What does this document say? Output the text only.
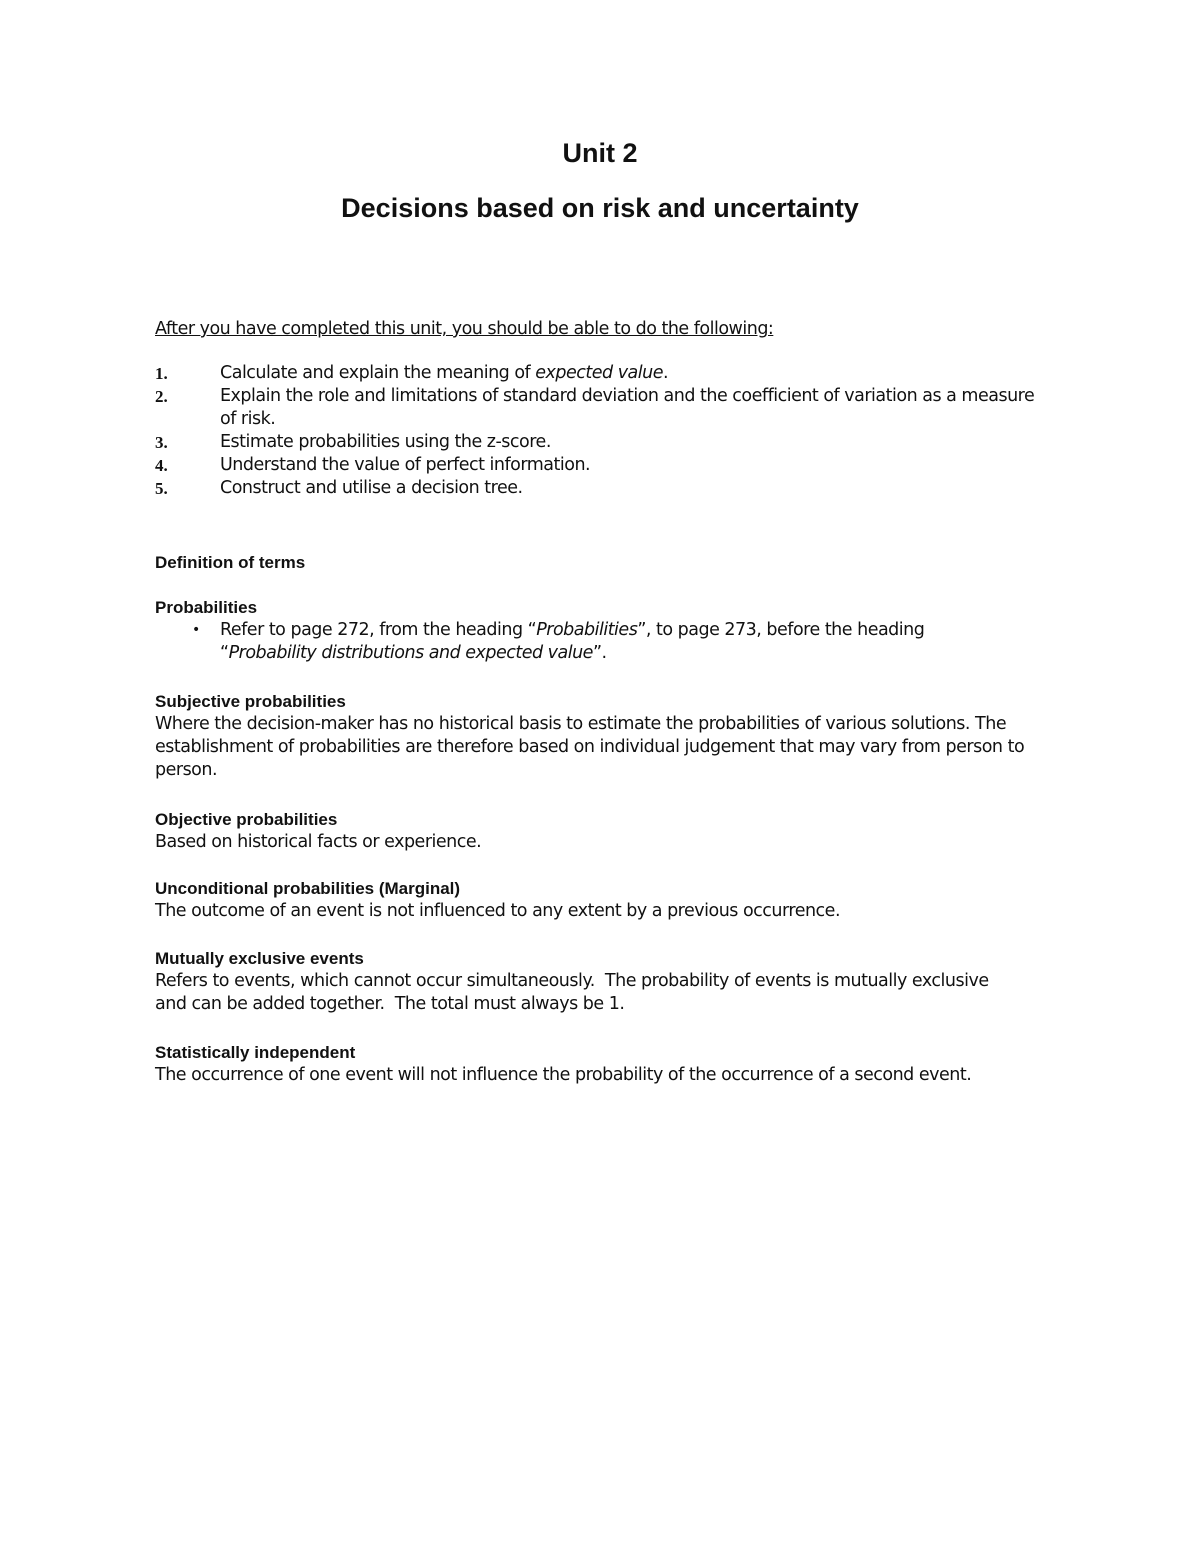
Unit 2
Decisions based on risk and uncertainty
After you have completed this unit, you should be able to do the following:
1.	Calculate and explain the meaning of expected value.
2.	Explain the role and limitations of standard deviation and the coefficient of variation as a measure of risk.
3.	Estimate probabilities using the z-score.
4.	Understand the value of perfect information.
5.	Construct and utilise a decision tree.
Definition of terms
Probabilities
•	Refer to page 272, from the heading “Probabilities”, to page 273, before the heading “Probability distributions and expected value”.
Subjective probabilities
Where the decision-maker has no historical basis to estimate the probabilities of various solutions. The establishment of probabilities are therefore based on individual judgement that may vary from person to person.
Objective probabilities
Based on historical facts or experience.
Unconditional probabilities (Marginal)
The outcome of an event is not influenced to any extent by a previous occurrence.
Mutually exclusive events
Refers to events, which cannot occur simultaneously.  The probability of events is mutually exclusive and can be added together.  The total must always be 1.
Statistically independent
The occurrence of one event will not influence the probability of the occurrence of a second event.
